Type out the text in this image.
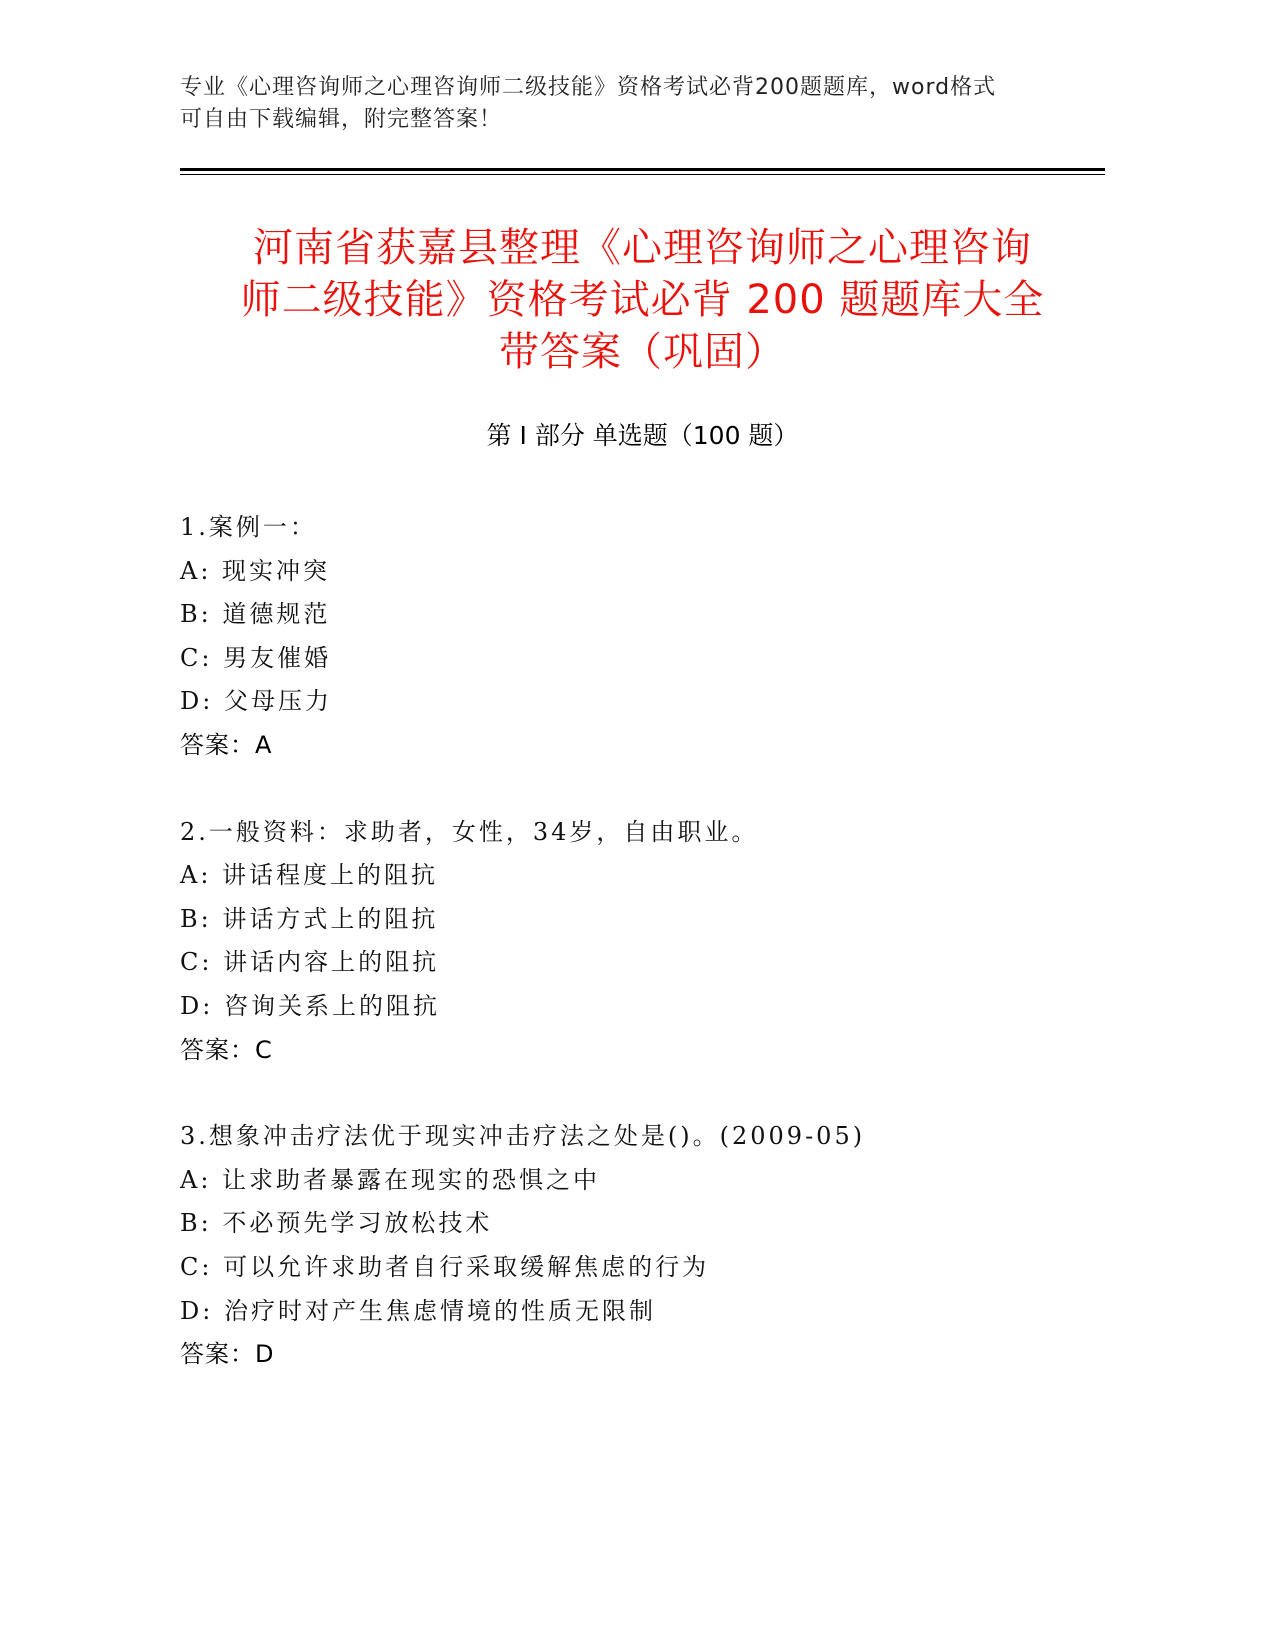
专业《心理咨询师之心理咨询师二级技能》资格考试必背200题题库，word格式
可自由下载编辑，附完整答案！
河南省获嘉县整理《心理咨询师之心理咨询
师二级技能》资格考试必背 200 题题库大全
带答案（巩固）
第 I 部分 单选题（100 题）
1.案例一：
A: 现实冲突
B: 道德规范
C: 男友催婚
D: 父母压力
答案：A
2.一般资料：求助者，女性，34岁，自由职业。
A: 讲话程度上的阻抗
B: 讲话方式上的阻抗
C: 讲话内容上的阻抗
D: 咨询关系上的阻抗
答案：C
3.想象冲击疗法优于现实冲击疗法之处是()。(2009-05)
A: 让求助者暴露在现实的恐惧之中
B: 不必预先学习放松技术
C: 可以允许求助者自行采取缓解焦虑的行为
D: 治疗时对产生焦虑情境的性质无限制
答案：D
